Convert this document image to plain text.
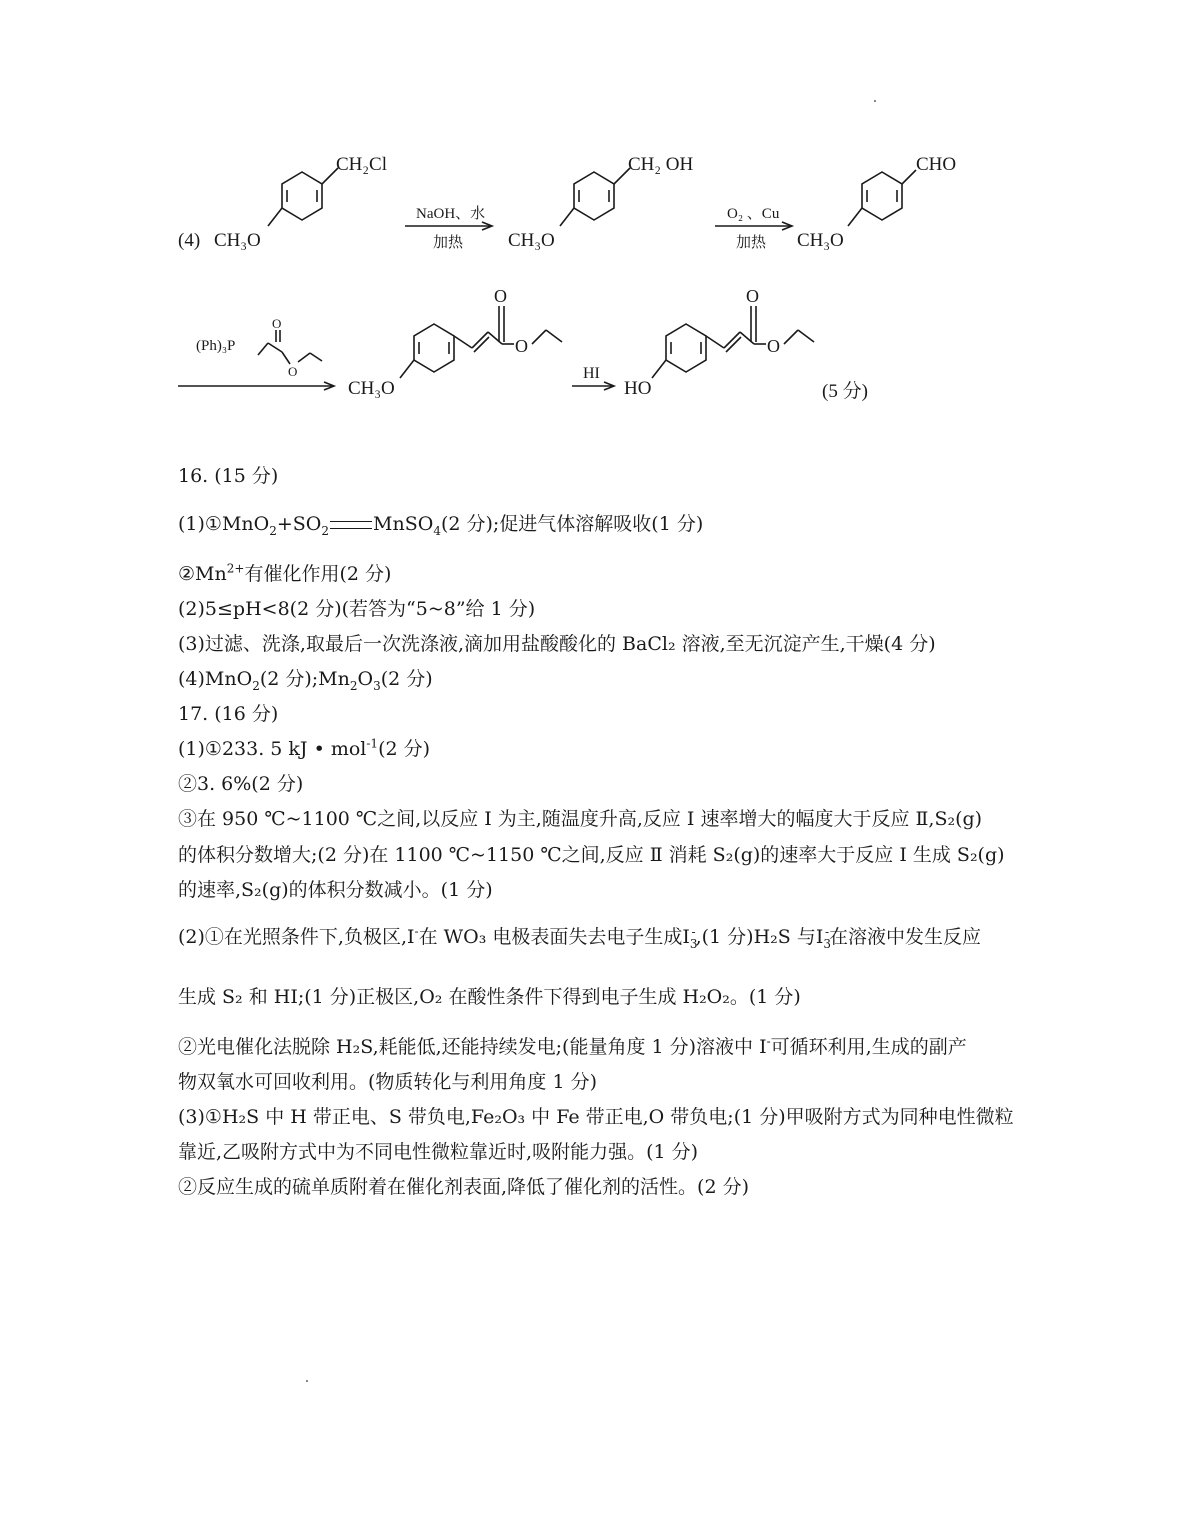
(4) CH₃O
CH₂Cl
NaOH、水
加热 CH₃O
CH₂ OH
O₂ 、Cu
加热 CH₃O
CHO
(Ph)₃P
O
O
CH₃O
O
O
HI
HO
O
O
(5 分)
16. (15 分)
$(1)①MnO_2+SO_2$ MnSO$_4$(2 分);促进气体溶解吸收(1 分)
$②Mn^{2+}$有催化作用(2 分)
(2)5≤pH<8(2 分)(若答为“5~8”给 1 分)
(3)过滤、洗涤,取最后一次洗涤液,滴加用盐酸酸化的 BaCl₂ 溶液,至无沉淀产生,干燥(4 分)
(4)MnO$_2$(2 分)$;Mn_2O_3(2$ 分)
17. (16 分)
(1)①233. 5 kJ • mol$^{-1}$(2 分)
②3. 6%(2 分)
③在 950 ℃~1100 ℃之间,以反应 Ⅰ 为主,随温度升高,反应 Ⅰ 速率增大的幅度大于反应 Ⅱ,S₂(g)
的体积分数增大;(2 分)在 1100 ℃~1150 ℃之间,反应 Ⅱ 消耗 S₂(g)的速率大于反应 Ⅰ 生成 S₂(g)
的速率,S₂(g)的体积分数减小。(1 分)
(2)①在光照条件下,负极区,I-在 WO₃ 电极表面失去电子生成$I_3^-,(1$ 分)H₂S 与$I_3^-$在溶液中发生反应
生成 S₂ 和 HI;(1 分)正极区,O₂ 在酸性条件下得到电子生成 H₂O₂。(1 分)
②光电催化法脱除 H₂S,耗能低,还能持续发电;(能量角度 1 分)溶液中 I-可循环利用,生成的副产
物双氧水可回收利用。(物质转化与利用角度 1 分)
(3)①H₂S 中 H 带正电、S 带负电,Fe₂O₃ 中 Fe 带正电,O 带负电;(1 分)甲吸附方式为同种电性微粒
靠近,乙吸附方式中为不同电性微粒靠近时,吸附能力强。(1 分)
②反应生成的硫单质附着在催化剂表面,降低了催化剂的活性。(2 分)
